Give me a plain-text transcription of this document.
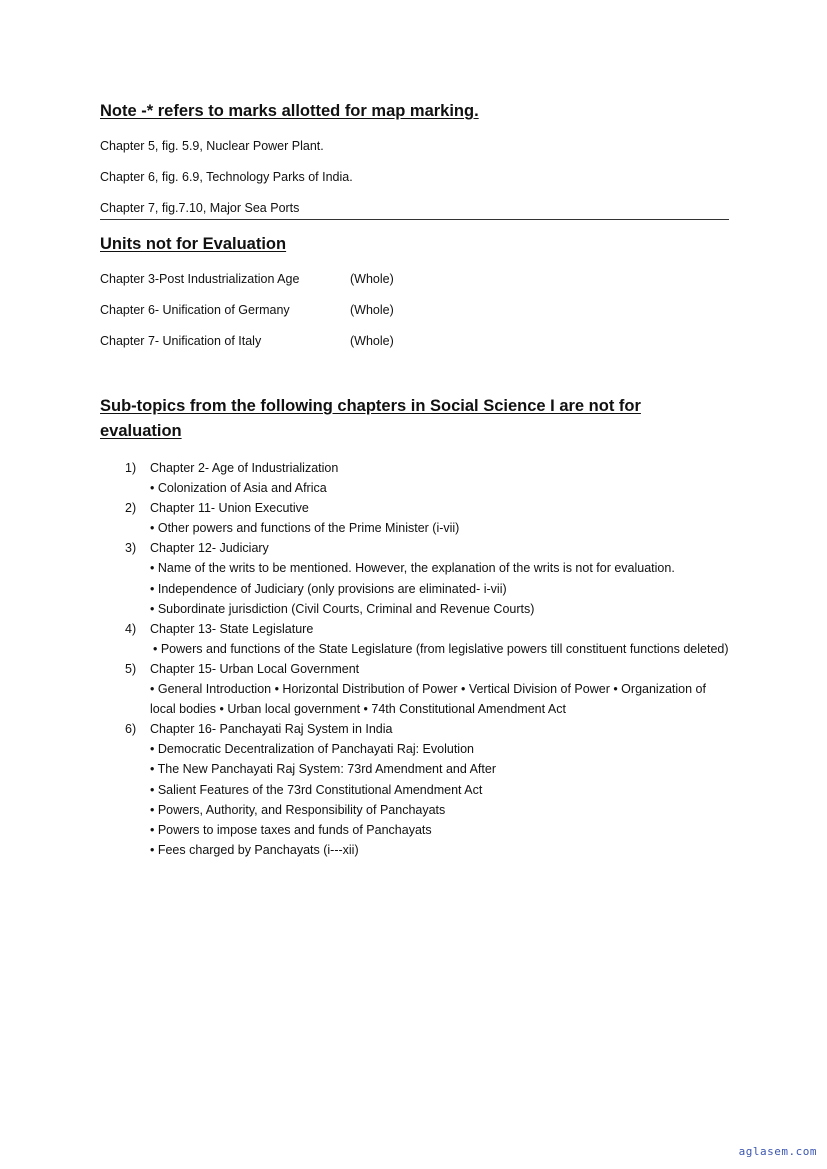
Note -* refers to marks allotted for map marking.
Chapter 5, fig. 5.9, Nuclear Power Plant.
Chapter 6, fig. 6.9, Technology Parks of India.
Chapter 7, fig.7.10, Major Sea Ports
Units not for Evaluation
Chapter 3-Post Industrialization Age	(Whole)
Chapter 6- Unification of Germany	(Whole)
Chapter 7- Unification of Italy	(Whole)
Sub-topics from the following chapters in Social Science I are not for evaluation
1) Chapter 2- Age of Industrialization
• Colonization of Asia and Africa
2) Chapter 11- Union Executive
• Other powers and functions of the Prime Minister (i-vii)
3) Chapter 12- Judiciary
• Name of the writs to be mentioned. However, the explanation of the writs is not for evaluation.
• Independence of Judiciary (only provisions are eliminated- i-vii)
• Subordinate jurisdiction (Civil Courts, Criminal and Revenue Courts)
4) Chapter 13- State Legislature
• Powers and functions of the State Legislature (from legislative powers till constituent functions deleted)
5) Chapter 15- Urban Local Government
• General Introduction • Horizontal Distribution of Power • Vertical Division of Power • Organization of local bodies • Urban local government • 74th Constitutional Amendment Act
6) Chapter 16- Panchayati Raj System in India
• Democratic Decentralization of Panchayati Raj: Evolution
• The New Panchayati Raj System: 73rd Amendment and After
• Salient Features of the 73rd Constitutional Amendment Act
• Powers, Authority, and Responsibility of Panchayats
• Powers to impose taxes and funds of Panchayats
• Fees charged by Panchayats (i---xii)
aglasem.com
